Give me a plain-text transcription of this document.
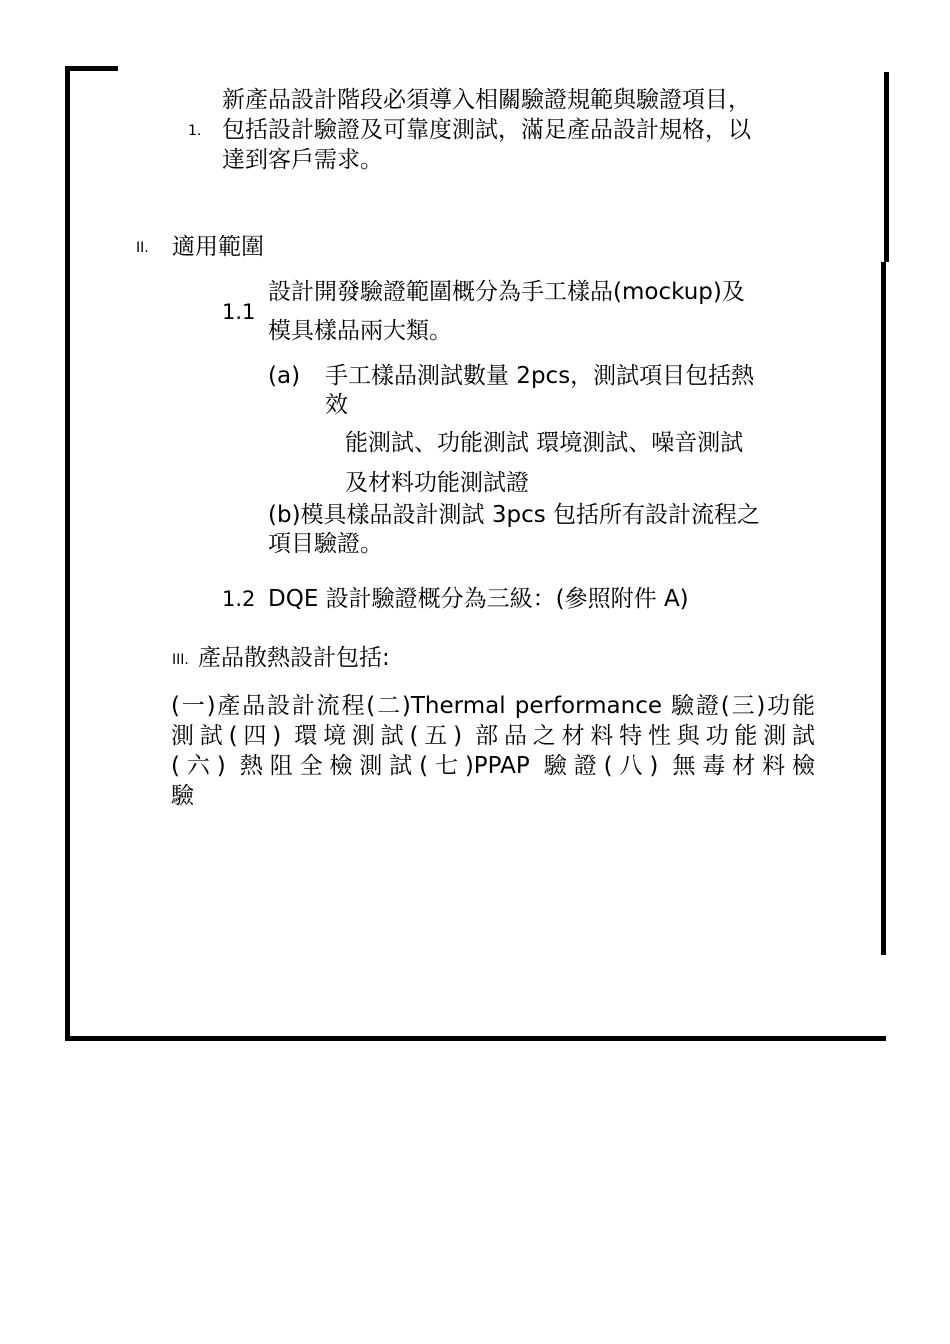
1.

新產品設計階段必須導入相關驗證規範與驗證項目，

包括設計驗證及可靠度測試，滿足產品設計規格，以

達到客戶需求。

II. 適用範圍

1.1

設計開發驗證範圍概分為手工樣品(mockup)及

模具樣品兩大類。

(a) 手工樣品測試數量 2pcs，測試項目包括熱

效

能測試、功能測試 環境測試、噪音測試

及材料功能測試證

(b)模具樣品設計測試 3pcs 包括所有設計流程之

項目驗證。

1.2 DQE 設計驗證概分為三級：(參照附件 A)

III. 產品散熱設計包括:

(一)產品設計流程(二)Thermal performance 驗證(三)功能

測試(四) 環境測試(五) 部品之材料特性與功能測試

(六) 熱阻全檢測試(七)PPAP 驗證(八) 無毒材料檢

驗
